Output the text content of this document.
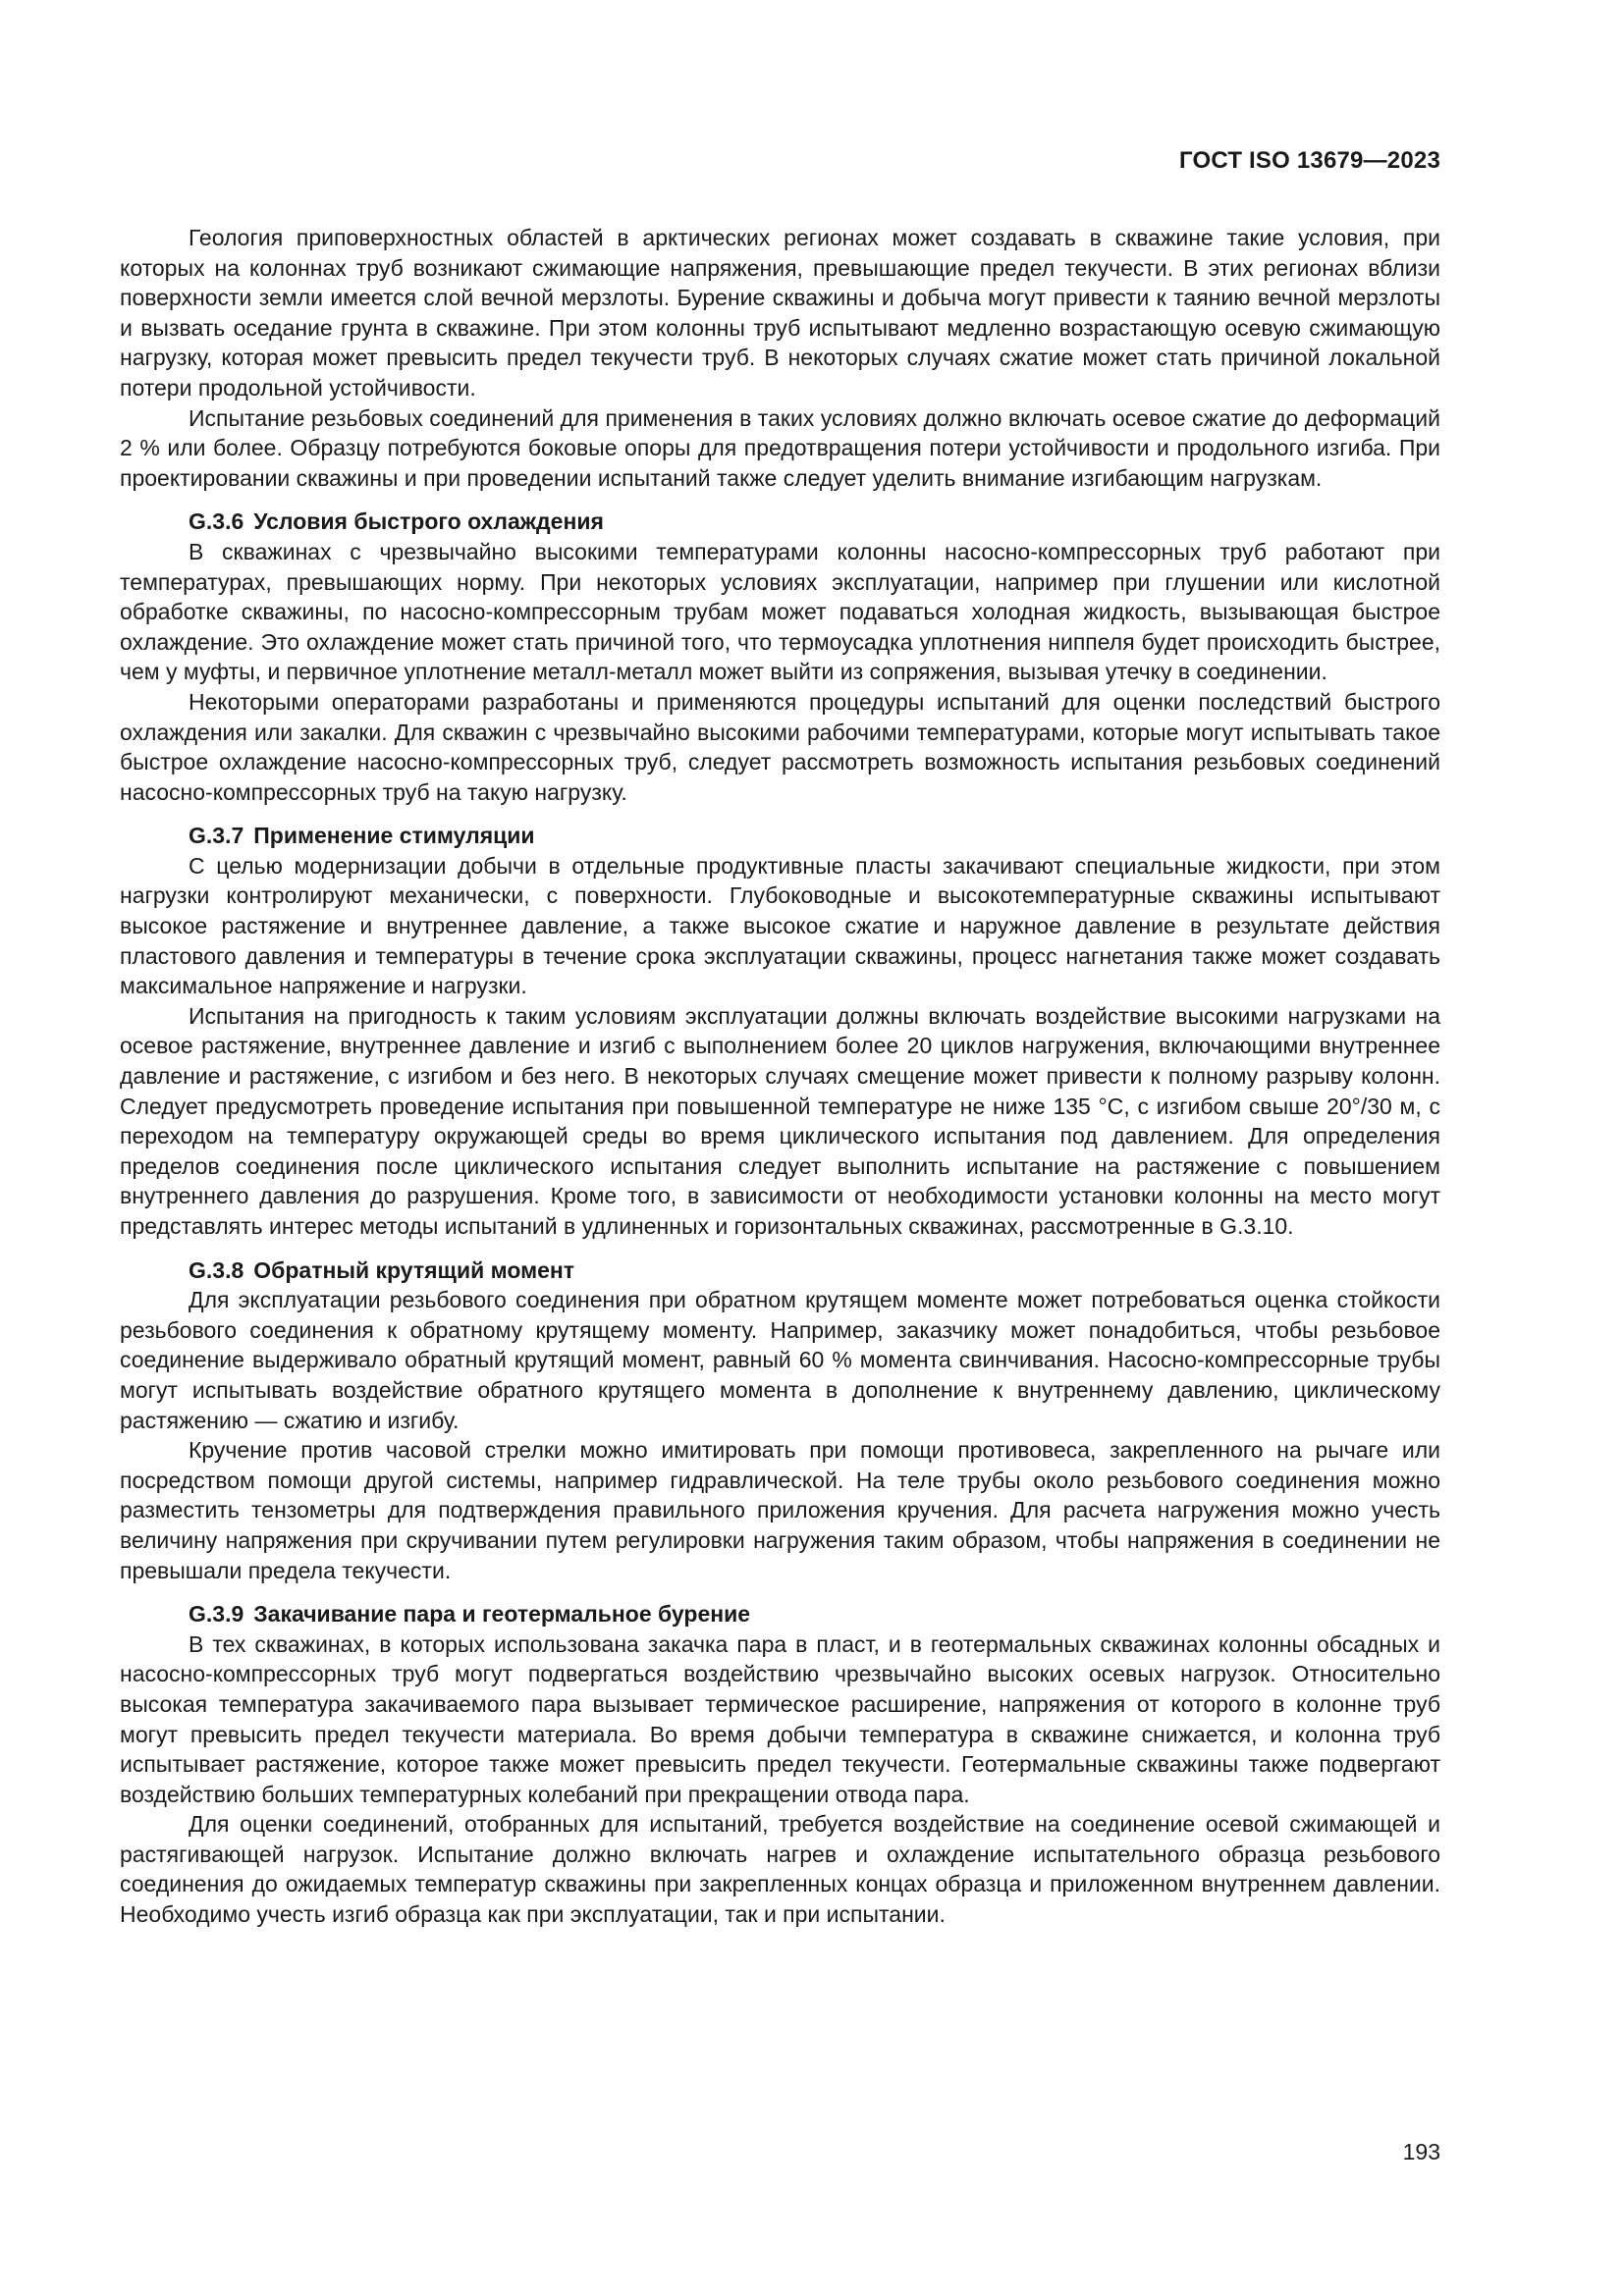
ГОСТ ISO 13679—2023

Геология приповерхностных областей в арктических регионах может создавать в скважине такие условия, при которых на колоннах труб возникают сжимающие напряжения, превышающие предел текучести. В этих регионах вблизи поверхности земли имеется слой вечной мерзлоты. Бурение скважины и добыча могут привести к таянию вечной мерзлоты и вызвать оседание грунта в скважине. При этом колонны труб испытывают медленно возрастающую осевую сжимающую нагрузку, которая может превысить предел текучести труб. В некоторых случаях сжатие может стать причиной локальной потери продольной устойчивости.

Испытание резьбовых соединений для применения в таких условиях должно включать осевое сжатие до деформаций 2 % или более. Образцу потребуются боковые опоры для предотвращения потери устойчивости и продольного изгиба. При проектировании скважины и при проведении испытаний также следует уделить внимание изгибающим нагрузкам.

G.3.6 Условия быстрого охлаждения

В скважинах с чрезвычайно высокими температурами колонны насосно-компрессорных труб работают при температурах, превышающих норму. При некоторых условиях эксплуатации, например при глушении или кислотной обработке скважины, по насосно-компрессорным трубам может подаваться холодная жидкость, вызывающая быстрое охлаждение. Это охлаждение может стать причиной того, что термоусадка уплотнения ниппеля будет происходить быстрее, чем у муфты, и первичное уплотнение металл-металл может выйти из сопряжения, вызывая утечку в соединении.

Некоторыми операторами разработаны и применяются процедуры испытаний для оценки последствий быстрого охлаждения или закалки. Для скважин с чрезвычайно высокими рабочими температурами, которые могут испытывать такое быстрое охлаждение насосно-компрессорных труб, следует рассмотреть возможность испытания резьбовых соединений насосно-компрессорных труб на такую нагрузку.

G.3.7 Применение стимуляции

С целью модернизации добычи в отдельные продуктивные пласты закачивают специальные жидкости, при этом нагрузки контролируют механически, с поверхности. Глубоководные и высокотемпературные скважины испытывают высокое растяжение и внутреннее давление, а также высокое сжатие и наружное давление в результате действия пластового давления и температуры в течение срока эксплуатации скважины, процесс нагнетания также может создавать максимальное напряжение и нагрузки.

Испытания на пригодность к таким условиям эксплуатации должны включать воздействие высокими нагрузками на осевое растяжение, внутреннее давление и изгиб с выполнением более 20 циклов нагружения, включающими внутреннее давление и растяжение, с изгибом и без него. В некоторых случаях смещение может привести к полному разрыву колонн. Следует предусмотреть проведение испытания при повышенной температуре не ниже 135 °C, с изгибом свыше 20°/30 м, с переходом на температуру окружающей среды во время циклического испытания под давлением. Для определения пределов соединения после циклического испытания следует выполнить испытание на растяжение с повышением внутреннего давления до разрушения. Кроме того, в зависимости от необходимости установки колонны на место могут представлять интерес методы испытаний в удлиненных и горизонтальных скважинах, рассмотренные в G.3.10.

G.3.8 Обратный крутящий момент

Для эксплуатации резьбового соединения при обратном крутящем моменте может потребоваться оценка стойкости резьбового соединения к обратному крутящему моменту. Например, заказчику может понадобиться, чтобы резьбовое соединение выдерживало обратный крутящий момент, равный 60 % момента свинчивания. Насосно-компрессорные трубы могут испытывать воздействие обратного крутящего момента в дополнение к внутреннему давлению, циклическому растяжению — сжатию и изгибу.

Кручение против часовой стрелки можно имитировать при помощи противовеса, закрепленного на рычаге или посредством помощи другой системы, например гидравлической. На теле трубы около резьбового соединения можно разместить тензометры для подтверждения правильного приложения кручения. Для расчета нагружения можно учесть величину напряжения при скручивании путем регулировки нагружения таким образом, чтобы напряжения в соединении не превышали предела текучести.

G.3.9 Закачивание пара и геотермальное бурение

В тех скважинах, в которых использована закачка пара в пласт, и в геотермальных скважинах колонны обсадных и насосно-компрессорных труб могут подвергаться воздействию чрезвычайно высоких осевых нагрузок. Относительно высокая температура закачиваемого пара вызывает термическое расширение, напряжения от которого в колонне труб могут превысить предел текучести материала. Во время добычи температура в скважине снижается, и колонна труб испытывает растяжение, которое также может превысить предел текучести. Геотермальные скважины также подвергают воздействию больших температурных колебаний при прекращении отвода пара.

Для оценки соединений, отобранных для испытаний, требуется воздействие на соединение осевой сжимающей и растягивающей нагрузок. Испытание должно включать нагрев и охлаждение испытательного образца резьбового соединения до ожидаемых температур скважины при закрепленных концах образца и приложенном внутреннем давлении. Необходимо учесть изгиб образца как при эксплуатации, так и при испытании.

193
